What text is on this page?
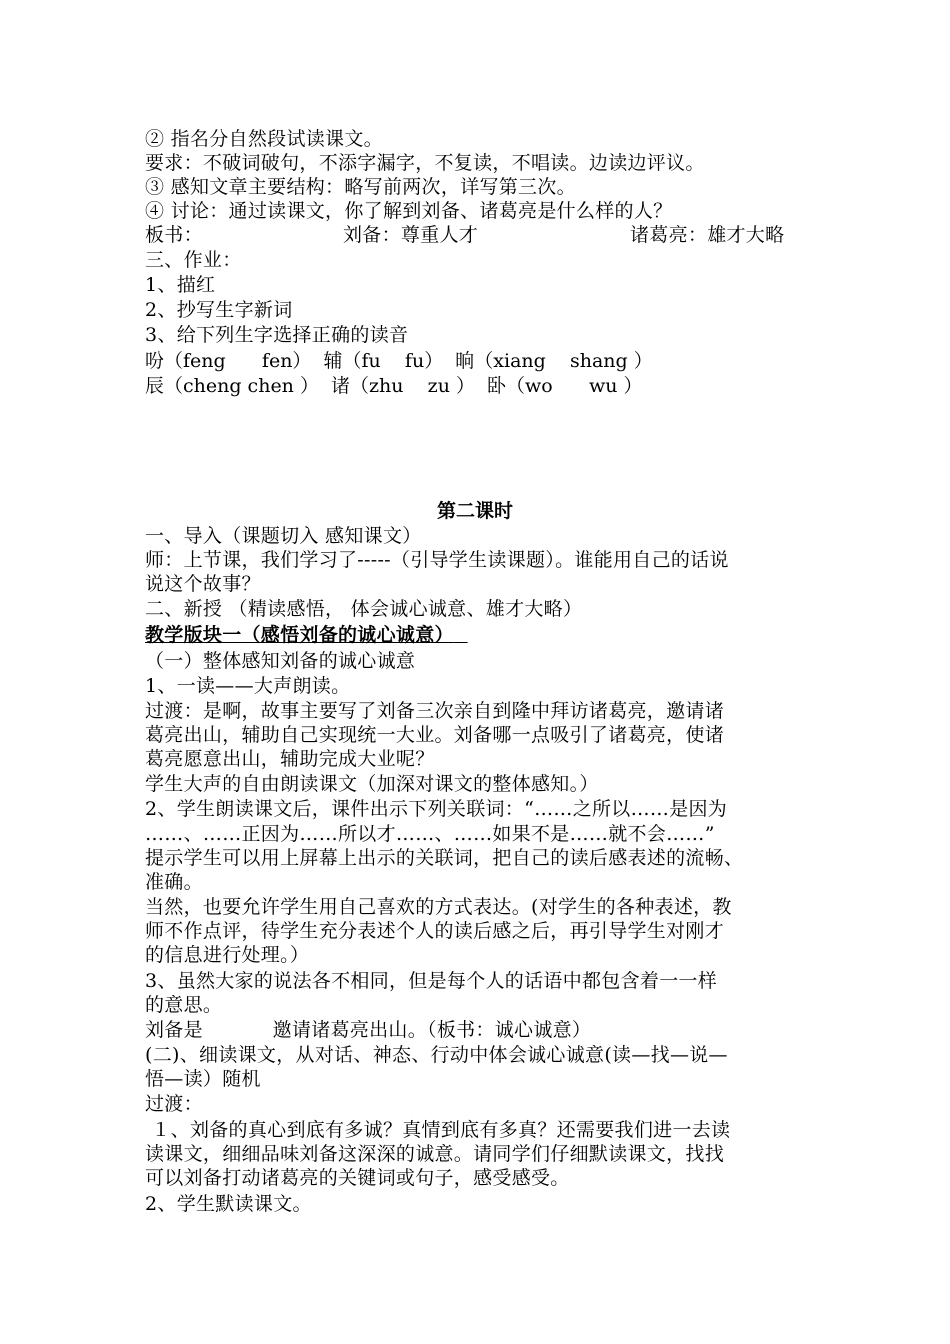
② 指名分自然段试读课文。
要求：不破词破句，不添字漏字，不复读，不唱读。边读边评议。
③ 感知文章主要结构：略写前两次，详写第三次。
④ 讨论：通过读课文，你了解到刘备、诸葛亮是什么样的人？
板书：	刘备：尊重人才	诸葛亮：雄才大略
三、作业：
1、描红
2、抄写生字新词
3、给下列生字选择正确的读音
吩（feng      fen）  辅（fu    fu）  晌（xiang    shang ）
辰（cheng chen ）  诸（zhu    zu ）  卧（wo      wu ）
第二课时
一、导入（课题切入 感知课文）
师：上节课，我们学习了-----（引导学生读课题）。谁能用自己的话说
说这个故事？
二、新授 （精读感悟， 体会诚心诚意、雄才大略）
教学版块一（感悟刘备的诚心诚意）
（一）整体感知刘备的诚心诚意
1、一读——大声朗读。
过渡：是啊，故事主要写了刘备三次亲自到隆中拜访诸葛亮，邀请诸
葛亮出山，辅助自己实现统一大业。刘备哪一点吸引了诸葛亮，使诸
葛亮愿意出山，辅助完成大业呢？
学生大声的自由朗读课文（加深对课文的整体感知。）
2、学生朗读课文后，课件出示下列关联词：“……之所以……是因为
……、……正因为……所以才……、……如果不是……就不会……”
提示学生可以用上屏幕上出示的关联词，把自己的读后感表述的流畅、
准确。
当然，也要允许学生用自己喜欢的方式表达。(对学生的各种表述，教
师不作点评，待学生充分表述个人的读后感之后，再引导学生对刚才
的信息进行处理。）
3、虽然大家的说法各不相同，但是每个人的话语中都包含着一一样
的意思。
刘备是           邀请诸葛亮出山。（板书：诚心诚意）
(二)、细读课文，从对话、神态、行动中体会诚心诚意(读—找—说—
悟—读）随机
过渡：
１、刘备的真心到底有多诚？真情到底有多真？还需要我们进一去读
读课文，细细品味刘备这深深的诚意。请同学们仔细默读课文，找找
可以刘备打动诸葛亮的关键词或句子，感受感受。
2、学生默读课文。
